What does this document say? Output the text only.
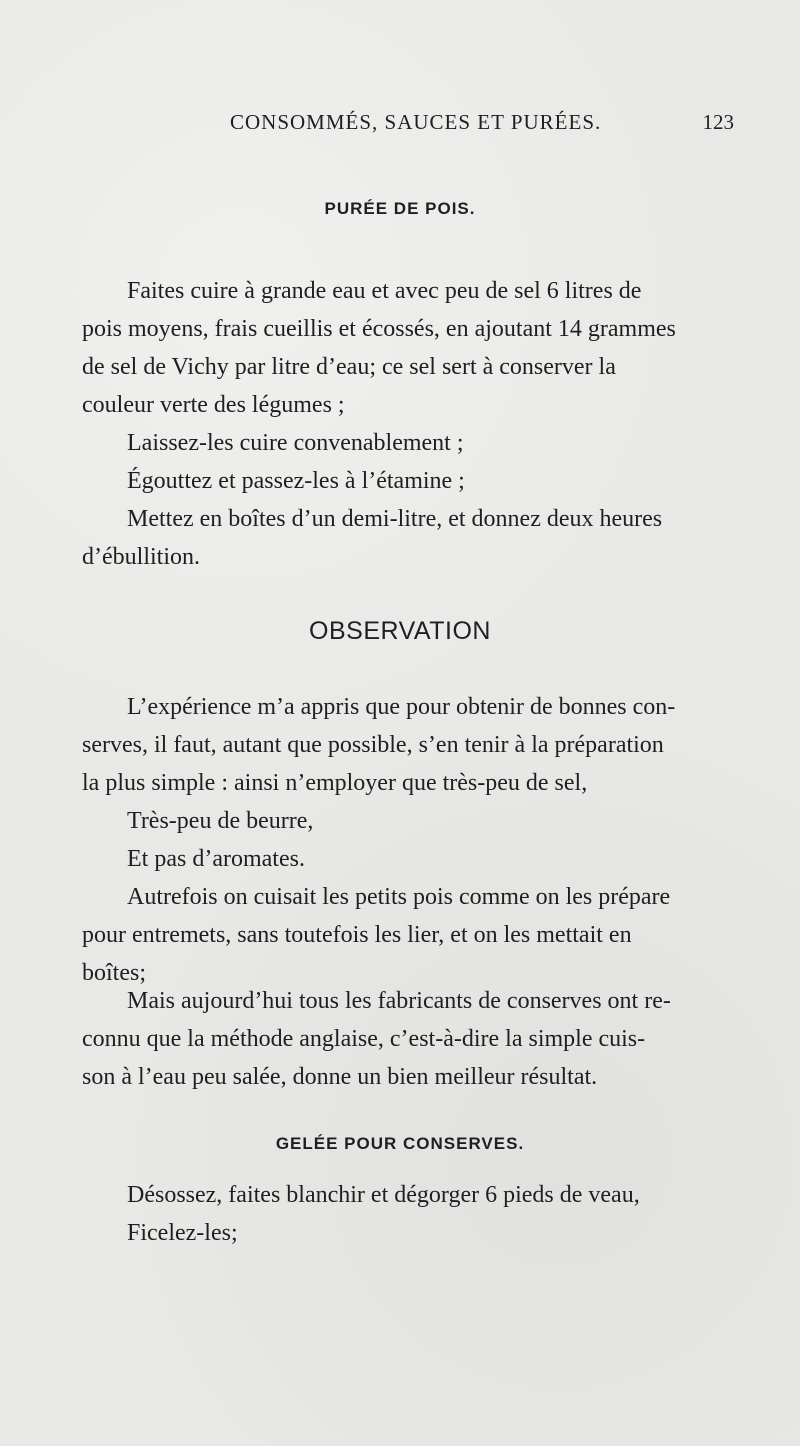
CONSOMMÉS, SAUCES ET PURÉES.	123
PURÉE DE POIS.

Faites cuire à grande eau et avec peu de sel 6 litres de
pois moyens, frais cueillis et écossés, en ajoutant 14 grammes
de sel de Vichy par litre d’eau; ce sel sert à conserver la
couleur verte des légumes ;

Laissez-les cuire convenablement ;

Égouttez et passez-les à l’étamine ;

Mettez en boîtes d’un demi-litre, et donnez deux heures
d’ébullition.

OBSERVATION

L’expérience m’a appris que pour obtenir de bonnes con-
serves, il faut, autant que possible, s’en tenir à la préparation
la plus simple : ainsi n’employer que très-peu de sel,

Très-peu de beurre,

Et pas d’aromates.

Autrefois on cuisait les petits pois comme on les prépare
pour entremets, sans toutefois les lier, et on les mettait en
boîtes;

Mais aujourd’hui tous les fabricants de conserves ont re-
connu que la méthode anglaise, c’est-à-dire la simple cuis-
son à l’eau peu salée, donne un bien meilleur résultat.

GELÉE POUR CONSERVES.

Désossez, faites blanchir et dégorger 6 pieds de veau,

Ficelez-les;
